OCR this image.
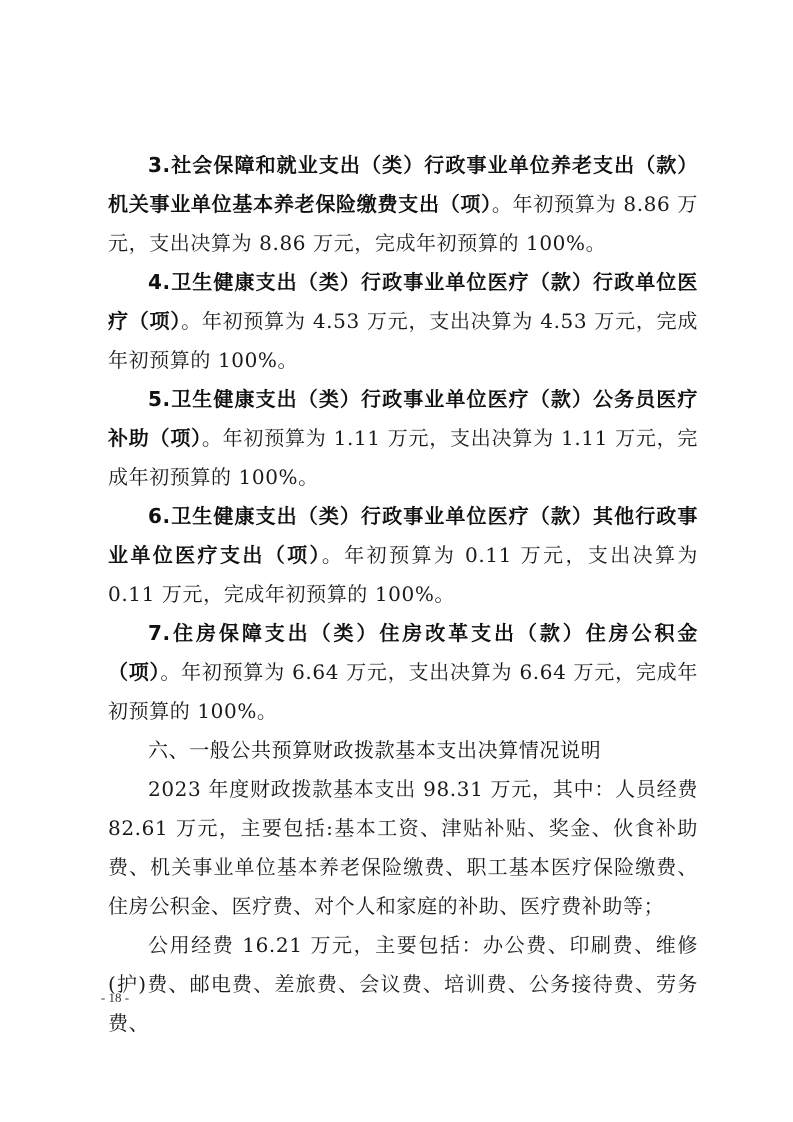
3.社会保障和就业支出（类）行政事业单位养老支出（款）机关事业单位基本养老保险缴费支出（项）。年初预算为 8.86 万元，支出决算为 8.86 万元，完成年初预算的 100%。

4.卫生健康支出（类）行政事业单位医疗（款）行政单位医疗（项）。年初预算为 4.53 万元，支出决算为 4.53 万元，完成年初预算的 100%。

5.卫生健康支出（类）行政事业单位医疗（款）公务员医疗补助（项）。年初预算为 1.11 万元，支出决算为 1.11 万元，完成年初预算的 100%。

6.卫生健康支出（类）行政事业单位医疗（款）其他行政事业单位医疗支出（项）。年初预算为 0.11 万元，支出决算为 0.11 万元，完成年初预算的 100%。

7.住房保障支出（类）住房改革支出（款）住房公积金（项）。年初预算为 6.64 万元，支出决算为 6.64 万元，完成年初预算的 100%。

六、一般公共预算财政拨款基本支出决算情况说明

2023 年度财政拨款基本支出 98.31 万元，其中：人员经费 82.61 万元，主要包括:基本工资、津贴补贴、奖金、伙食补助费、机关事业单位基本养老保险缴费、职工基本医疗保险缴费、住房公积金、医疗费、对个人和家庭的补助、医疗费补助等；

公用经费 16.21 万元，主要包括：办公费、印刷费、维修(护)费、邮电费、差旅费、会议费、培训费、公务接待费、劳务费、

- 18 -
